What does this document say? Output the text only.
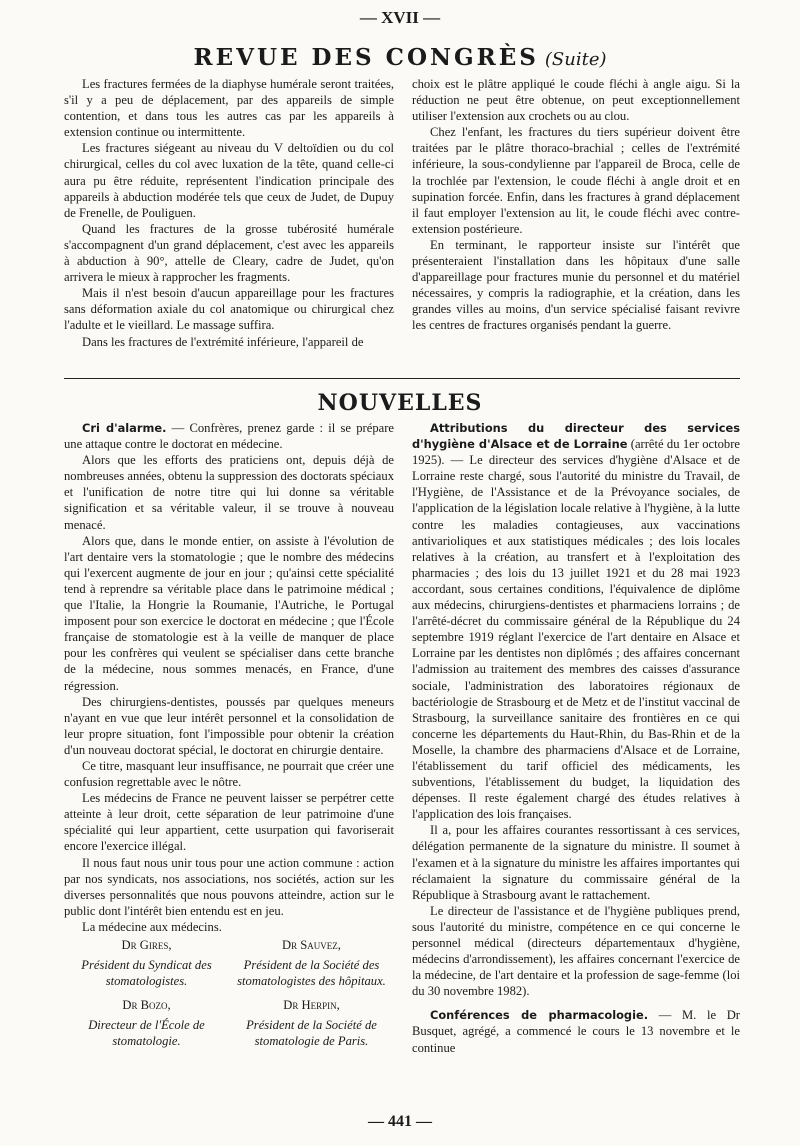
— XVII —
REVUE DES CONGRÈS (Suite)

Les fractures fermées de la diaphyse humérale seront traitées, s'il y a peu de déplacement, par des appareils de simple contention, et dans tous les autres cas par les appareils à extension continue ou intermittente.

Les fractures siégeant au niveau du V deltoïdien ou du col chirurgical, celles du col avec luxation de la tête, quand celle-ci aura pu être réduite, représentent l'indication principale des appareils à abduction modérée tels que ceux de Judet, de Dupuy de Frenelle, de Pouliguen.

Quand les fractures de la grosse tubérosité humérale s'accompagnent d'un grand déplacement, c'est avec les appareils à abduction à 90°, attelle de Cleary, cadre de Judet, qu'on arrivera le mieux à rapprocher les fragments.

Mais il n'est besoin d'aucun appareillage pour les fractures sans déformation axiale du col anatomique ou chirurgical chez l'adulte et le vieillard. Le massage suffira.

Dans les fractures de l'extrémité inférieure, l'appareil de

choix est le plâtre appliqué le coude fléchi à angle aigu. Si la réduction ne peut être obtenue, on peut exceptionnellement utiliser l'extension aux crochets ou au clou.

Chez l'enfant, les fractures du tiers supérieur doivent être traitées par le plâtre thoraco-brachial ; celles de l'extrémité inférieure, la sous-condylienne par l'appareil de Broca, celle de la trochlée par l'extension, le coude fléchi à angle droit et en supination forcée. Enfin, dans les fractures à grand déplacement il faut employer l'extension au lit, le coude fléchi avec contre-extension postérieure.

En terminant, le rapporteur insiste sur l'intérêt que présenteraient l'installation dans les hôpitaux d'une salle d'appareillage pour fractures munie du personnel et du matériel nécessaires, y compris la radiographie, et la création, dans les grandes villes au moins, d'un service spécialisé faisant revivre les centres de fractures organisés pendant la guerre.

NOUVELLES

Cri d'alarme. — Confrères, prenez garde : il se prépare une attaque contre le doctorat en médecine.

Alors que les efforts des praticiens ont, depuis déjà de nombreuses années, obtenu la suppression des doctorats spéciaux et l'unification de notre titre qui lui donne sa véritable signification et sa véritable valeur, il se trouve à nouveau menacé.

Alors que, dans le monde entier, on assiste à l'évolution de l'art dentaire vers la stomatologie ; que le nombre des médecins qui l'exercent augmente de jour en jour ; qu'ainsi cette spécialité tend à reprendre sa véritable place dans le patrimoine médical ; que l'Italie, la Hongrie la Roumanie, l'Autriche, le Portugal imposent pour son exercice le doctorat en médecine ; que l'École française de stomatologie est à la veille de manquer de place pour les confrères qui veulent se spécialiser dans cette branche de la médecine, nous sommes menacés, en France, d'une régression.

Des chirurgiens-dentistes, poussés par quelques meneurs n'ayant en vue que leur intérêt personnel et la consolidation de leur propre situation, font l'impossible pour obtenir la création d'un nouveau doctorat spécial, le doctorat en chirurgie dentaire.

Ce titre, masquant leur insuffisance, ne pourrait que créer une confusion regrettable avec le nôtre.

Les médecins de France ne peuvent laisser se perpétrer cette atteinte à leur droit, cette séparation de leur patrimoine d'une spécialité qui leur appartient, cette usurpation qui favoriserait encore l'exercice illégal.

Il nous faut nous unir tous pour une action commune : action par nos syndicats, nos associations, nos sociétés, action sur les diverses personnalités que nous pouvons atteindre, action sur le public dont l'intérêt bien entendu est en jeu.

La médecine aux médecins.

Dr Gires,
Président du Syndicat des stomatologistes.
Dr Sauvez,
Président de la Société des stomatologistes des hôpitaux.
Dr Bozo,
Directeur de l'École de stomatologie.
Dr Herpin,
Président de la Société de stomatologie de Paris.

Attributions du directeur des services d'hygiène d'Alsace et de Lorraine (arrêté du 1er octobre 1925). — Le directeur des services d'hygiène d'Alsace et de Lorraine reste chargé, sous l'autorité du ministre du Travail, de l'Hygiène, de l'Assistance et de la Prévoyance sociales, de l'application de la législation locale relative à l'hygiène, à la lutte contre les maladies contagieuses, aux vaccinations antivarioliques et aux statistiques médicales ; des lois locales relatives à la création, au transfert et à l'exploitation des pharmacies ; des lois du 13 juillet 1921 et du 28 mai 1923 accordant, sous certaines conditions, l'équivalence de diplôme aux médecins, chirurgiens-dentistes et pharmaciens lorrains ; de l'arrêté-décret du commissaire général de la République du 24 septembre 1919 réglant l'exercice de l'art dentaire en Alsace et Lorraine par les dentistes non diplômés ; des affaires concernant l'admission au traitement des membres des caisses d'assurance sociale, l'administration des laboratoires régionaux de bactériologie de Strasbourg et de Metz et de l'institut vaccinal de Strasbourg, la surveillance sanitaire des frontières en ce qui concerne les départements du Haut-Rhin, du Bas-Rhin et de la Moselle, la chambre des pharmaciens d'Alsace et de Lorraine, l'établissement du tarif officiel des médicaments, les subventions, l'établissement du budget, la liquidation des dépenses. Il reste également chargé des études relatives à l'application des lois françaises.

Il a, pour les affaires courantes ressortissant à ces services, délégation permanente de la signature du ministre. Il soumet à l'examen et à la signature du ministre les affaires importantes qui réclamaient la signature du commissaire général de la République à Strasbourg avant le rattachement.

Le directeur de l'assistance et de l'hygiène publiques prend, sous l'autorité du ministre, compétence en ce qui concerne le personnel médical (directeurs départementaux d'hygiène, médecins d'arrondissement), les affaires concernant l'exercice de la médecine, de l'art dentaire et la profession de sage-femme (loi du 30 novembre 1982).

Conférences de pharmacologie. — M. le Dr Busquet, agrégé, a commencé le cours le 13 novembre et le continue

— 441 —
